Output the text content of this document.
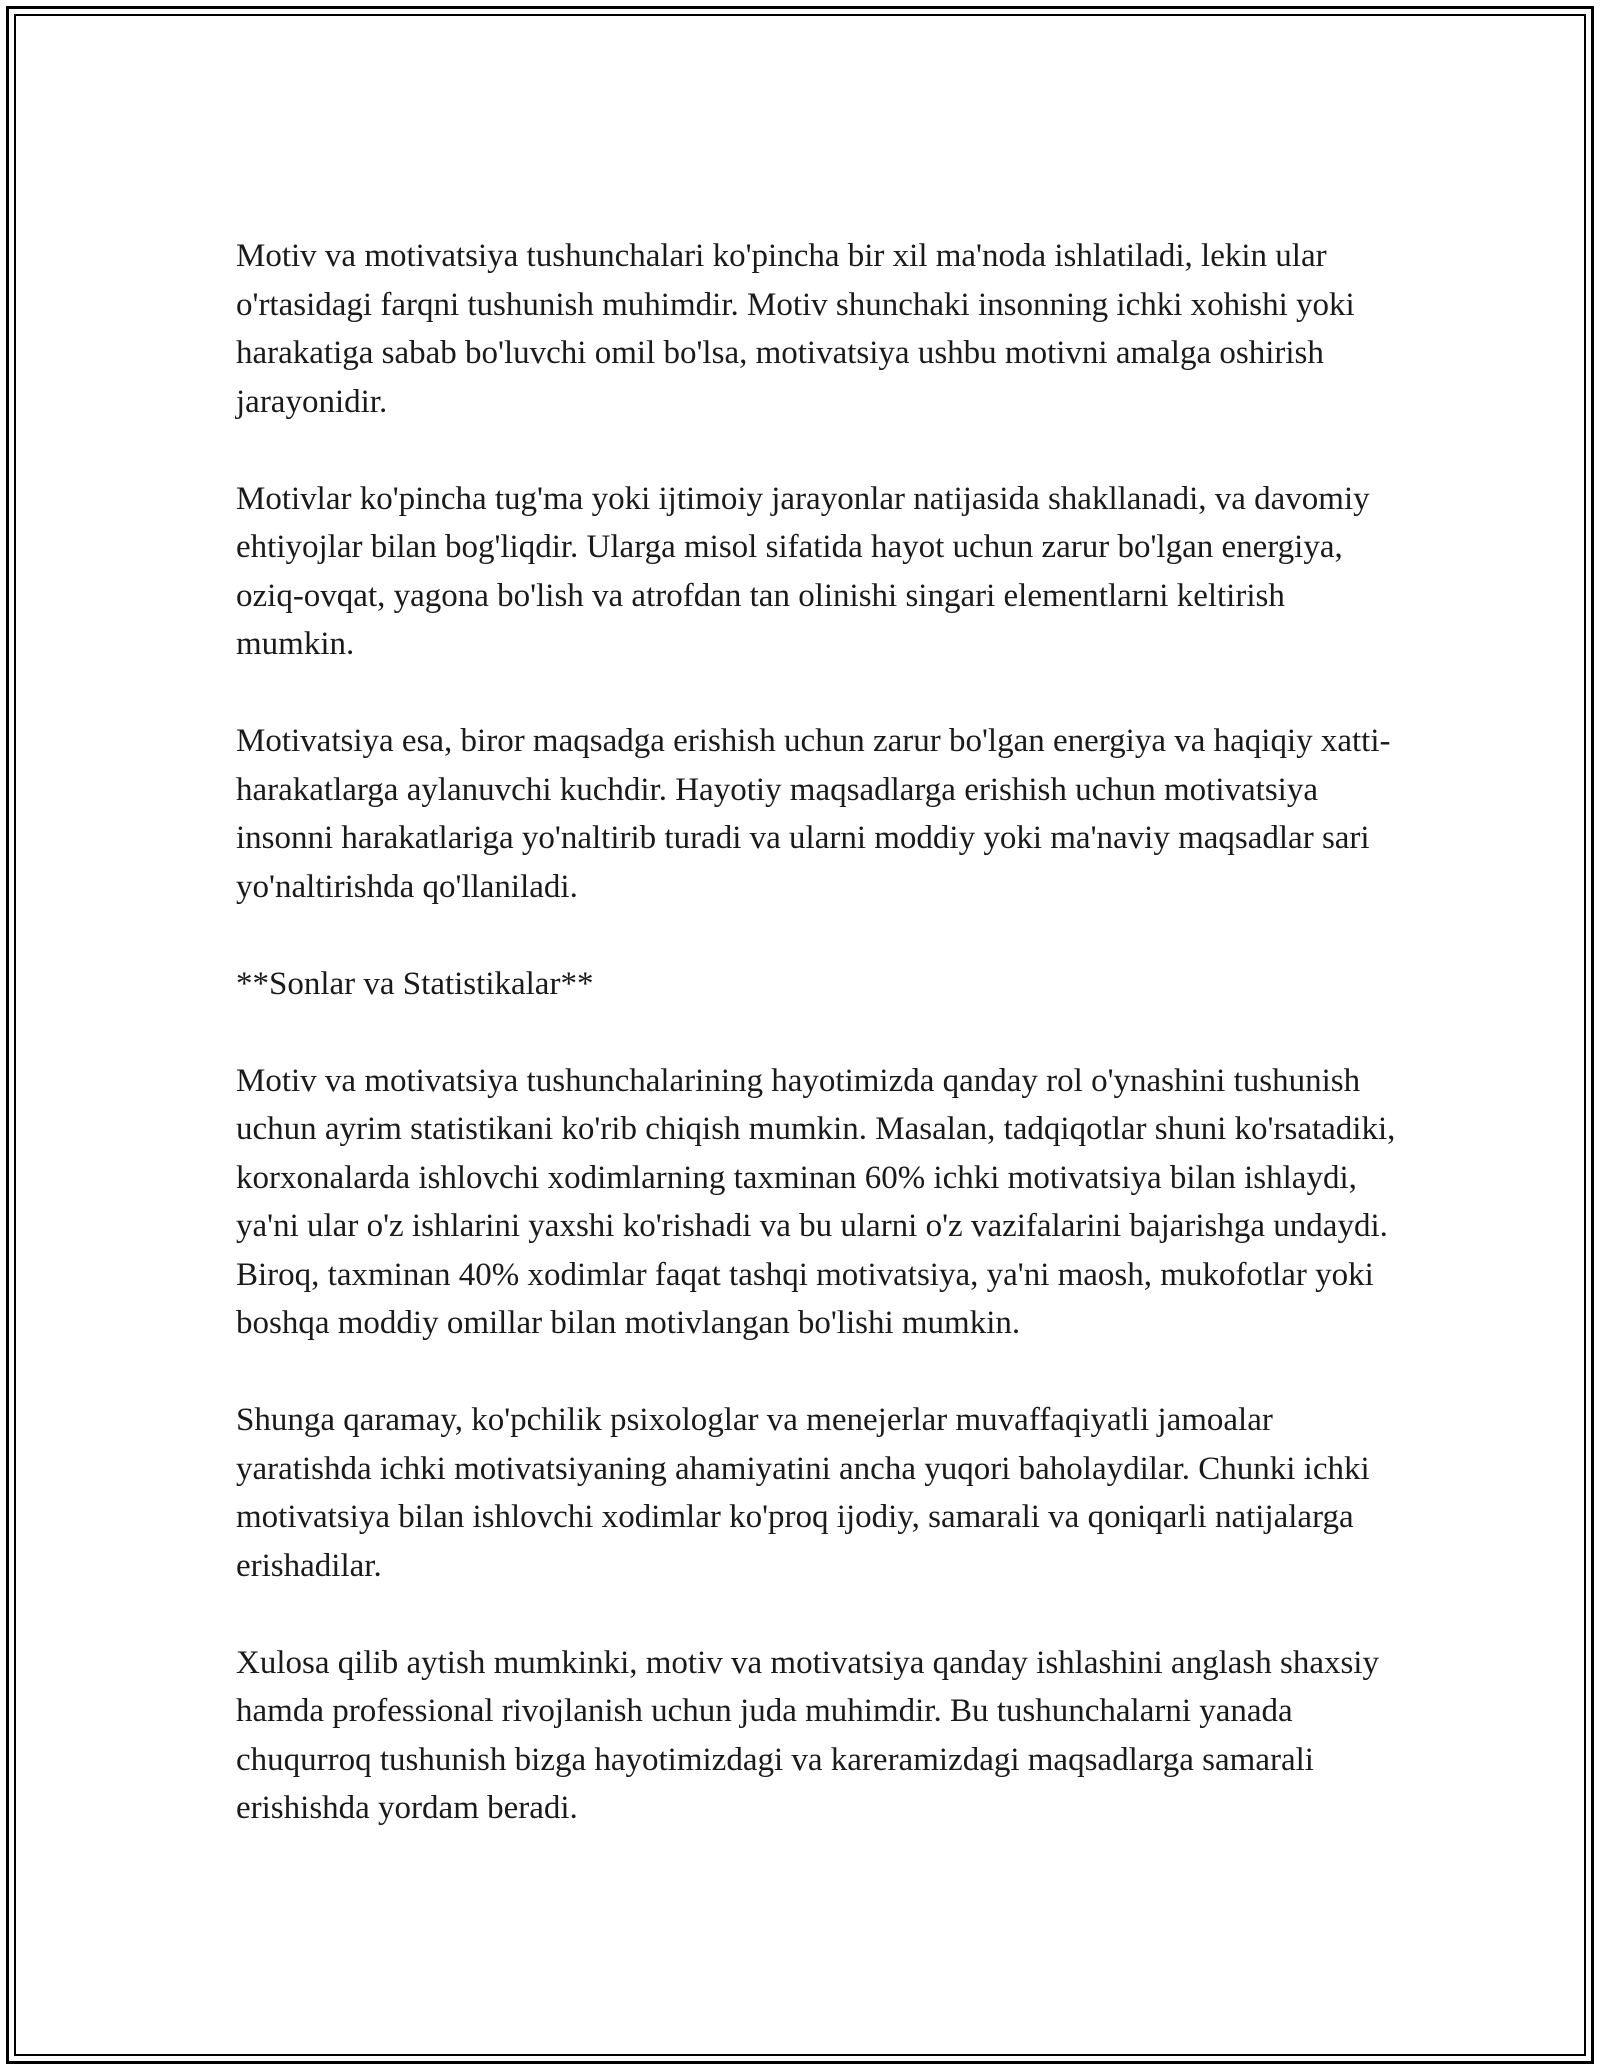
Motiv va motivatsiya tushunchalari ko'pincha bir xil ma'noda ishlatiladi, lekin ular o'rtasidagi farqni tushunish muhimdir. Motiv shunchaki insonning ichki xohishi yoki harakatiga sabab bo'luvchi omil bo'lsa, motivatsiya ushbu motivni amalga oshirish jarayonidir.

Motivlar ko'pincha tug'ma yoki ijtimoiy jarayonlar natijasida shakllanadi, va davomiy ehtiyojlar bilan bog'liqdir. Ularga misol sifatida hayot uchun zarur bo'lgan energiya, oziq-ovqat, yagona bo'lish va atrofdan tan olinishi singari elementlarni keltirish mumkin.

Motivatsiya esa, biror maqsadga erishish uchun zarur bo'lgan energiya va haqiqiy xatti-harakatlarga aylanuvchi kuchdir. Hayotiy maqsadlarga erishish uchun motivatsiya insonni harakatlariga yo'naltirib turadi va ularni moddiy yoki ma'naviy maqsadlar sari yo'naltirishda qo'llaniladi.

**Sonlar va Statistikalar**

Motiv va motivatsiya tushunchalarining hayotimizda qanday rol o'ynashini tushunish uchun ayrim statistikani ko'rib chiqish mumkin. Masalan, tadqiqotlar shuni ko'rsatadiki, korxonalarda ishlovchi xodimlarning taxminan 60% ichki motivatsiya bilan ishlaydi, ya'ni ular o'z ishlarini yaxshi ko'rishadi va bu ularni o'z vazifalarini bajarishga undaydi. Biroq, taxminan 40% xodimlar faqat tashqi motivatsiya, ya'ni maosh, mukofotlar yoki boshqa moddiy omillar bilan motivlangan bo'lishi mumkin.

Shunga qaramay, ko'pchilik psixologlar va menejerlar muvaffaqiyatli jamoalar yaratishda ichki motivatsiyaning ahamiyatini ancha yuqori baholaydilar. Chunki ichki motivatsiya bilan ishlovchi xodimlar ko'proq ijodiy, samarali va qoniqarli natijalarga erishadilar.

Xulosa qilib aytish mumkinki, motiv va motivatsiya qanday ishlashini anglash shaxsiy hamda professional rivojlanish uchun juda muhimdir. Bu tushunchalarni yanada chuqurroq tushunish bizga hayotimizdagi va kareramizdagi maqsadlarga samarali erishishda yordam beradi.
